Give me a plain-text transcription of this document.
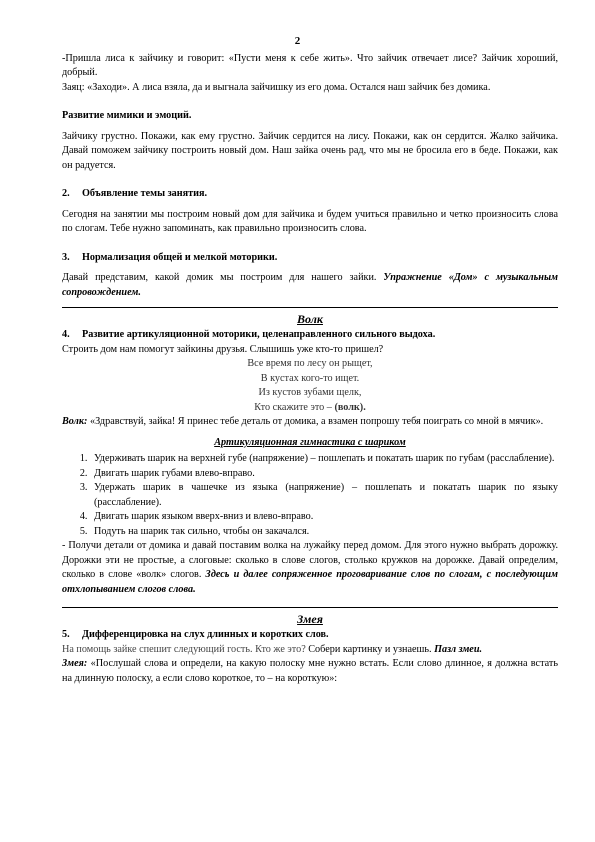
2

-Пришла лиса к зайчику и говорит: «Пусти меня к себе жить». Что зайчик отвечает лисе? Зайчик хороший, добрый.

Заяц: «Заходи». А лиса взяла, да и выгнала зайчишку из его дома. Остался наш зайчик без домика.

Развитие мимики и эмоций.

Зайчику грустно. Покажи, как ему грустно. Зайчик сердится на лису. Покажи, как он сердится. Жалко зайчика. Давай поможем зайчику построить новый дом. Наш зайка очень рад, что мы не бросила его в беде. Покажи, как он радуется.

2.	Объявление темы занятия.

Сегодня на занятии мы построим новый дом для зайчика и будем учиться правильно и четко произносить слова по слогам. Тебе нужно запоминать, как правильно произносить слова.

3.	Нормализация общей и мелкой моторики.

Давай представим, какой домик мы построим для нашего зайки. Упражнение «Дом» с музыкальным сопровождением.

Волк
4.	Развитие артикуляционной моторики, целенаправленного сильного выдоха.

Строить дом нам помогут зайкины друзья. Слышишь уже кто-то пришел?

Все время по лесу он рыщет,
В кустах кого-то ищет.
Из кустов зубами щелк,
Кто скажите это – (волк).

Волк: «Здравствуй, зайка! Я принес тебе деталь от домика, а взамен попрошу тебя поиграть со мной в мячик».

Артикуляционная гимнастика с шариком
1. Удерживать шарик на верхней губе (напряжение) – пошлепать и покатать шарик по губам (расслабление).
2. Двигать шарик губами влево-вправо.
3. Удержать шарик в чашечке из языка (напряжение) – пошлепать и покатать шарик по языку (расслабление).
4. Двигать шарик языком вверх-вниз и влево-вправо.
5. Подуть на шарик так сильно, чтобы он закачался.

- Получи детали от домика и давай поставим волка на лужайку перед домом. Для этого нужно выбрать дорожку. Дорожки эти не простые, а слоговые: сколько в слове слогов, столько кружков на дорожке. Давай определим, сколько в слове «волк» слогов. Здесь и далее сопряженное проговаривание слов по слогам, с последующим отхлопыванием слогов слова.

Змея
5.	Дифференцировка на слух длинных и коротких слов.

На помощь зайке спешит следующий гость. Кто же это? Собери картинку и узнаешь. Пазл змеи.

Змея: «Послушай слова и определи, на какую полоску мне нужно встать. Если слово длинное, я должна встать на длинную полоску, а если слово короткое, то – на короткую»:
